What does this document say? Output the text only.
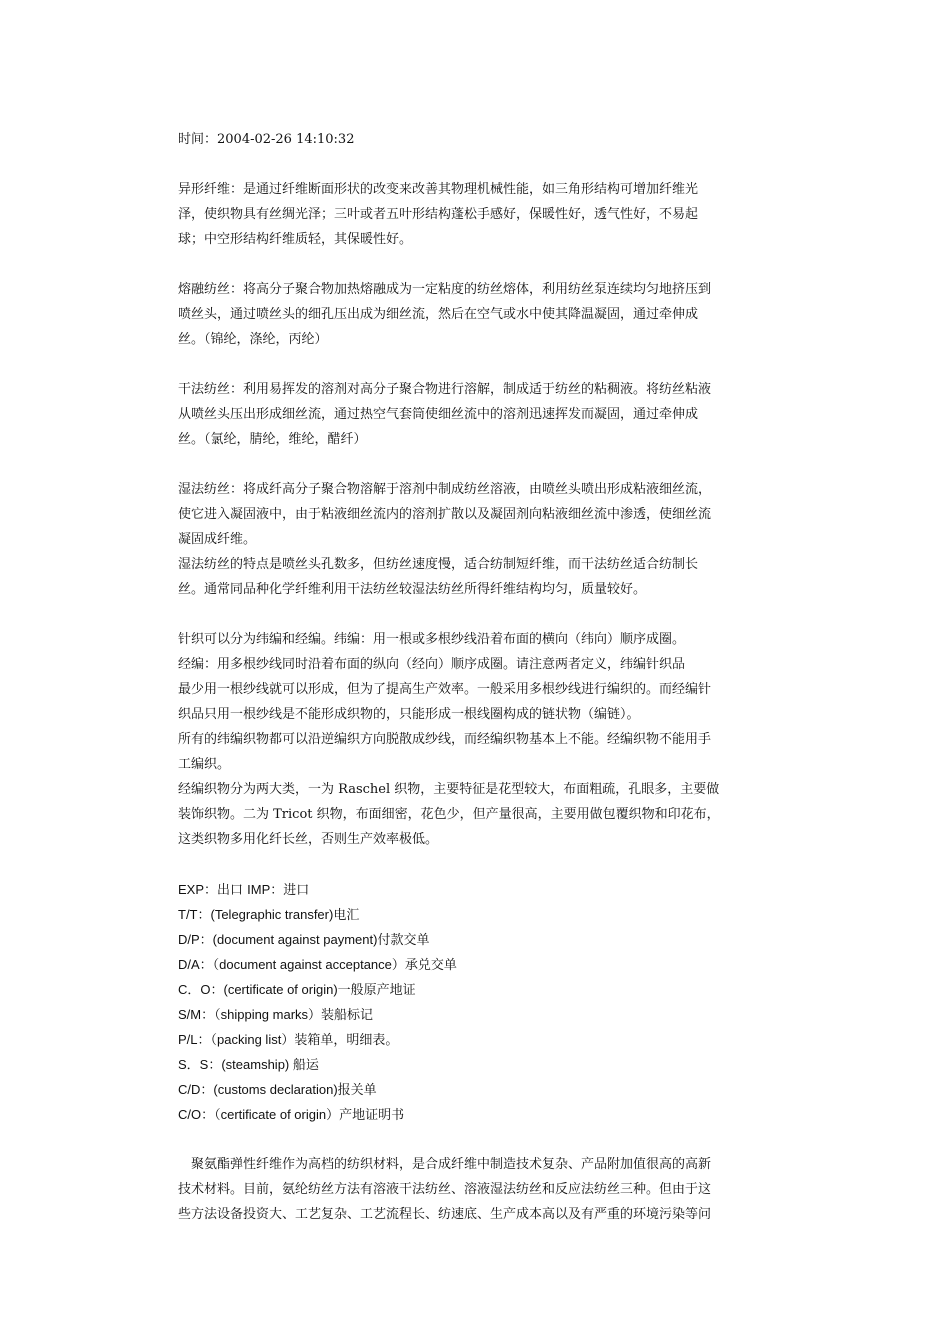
时间：2004-02-26 14:10:32
异形纤维：是通过纤维断面形状的改变来改善其物理机械性能，如三角形结构可增加纤维光
泽，使织物具有丝绸光泽；三叶或者五叶形结构蓬松手感好，保暖性好，透气性好，不易起
球；中空形结构纤维质轻，其保暖性好。
熔融纺丝：将高分子聚合物加热熔融成为一定粘度的纺丝熔体，利用纺丝泵连续均匀地挤压到
喷丝头，通过喷丝头的细孔压出成为细丝流，然后在空气或水中使其降温凝固，通过牵伸成
丝。（锦纶，涤纶，丙纶）
干法纺丝：利用易挥发的溶剂对高分子聚合物进行溶解，制成适于纺丝的粘稠液。将纺丝粘液
从喷丝头压出形成细丝流，通过热空气套筒使细丝流中的溶剂迅速挥发而凝固，通过牵伸成
丝。（氯纶，腈纶，维纶，醋纤）
湿法纺丝：将成纤高分子聚合物溶解于溶剂中制成纺丝溶液，由喷丝头喷出形成粘液细丝流，
使它进入凝固液中，由于粘液细丝流内的溶剂扩散以及凝固剂向粘液细丝流中渗透，使细丝流
凝固成纤维。
湿法纺丝的特点是喷丝头孔数多，但纺丝速度慢，适合纺制短纤维，而干法纺丝适合纺制长
丝。通常同品种化学纤维利用干法纺丝较湿法纺丝所得纤维结构均匀，质量较好。
针织可以分为纬编和经编。纬编：用一根或多根纱线沿着布面的横向（纬向）顺序成圈。
经编：用多根纱线同时沿着布面的纵向（经向）顺序成圈。请注意两者定义，纬编针织品
最少用一根纱线就可以形成，但为了提高生产效率。一般采用多根纱线进行编织的。而经编针
织品只用一根纱线是不能形成织物的，只能形成一根线圈构成的链状物（编链）。
所有的纬编织物都可以沿逆编织方向脱散成纱线，而经编织物基本上不能。经编织物不能用手
工编织。
经编织物分为两大类，一为 Raschel 织物，主要特征是花型较大，布面粗疏，孔眼多，主要做
装饰织物。二为 Tricot 织物，布面细密，花色少，但产量很高，主要用做包覆织物和印花布，
这类织物多用化纤长丝，否则生产效率极低。
EXP：出口 IMP：进口
T/T：(Telegraphic transfer)电汇
D/P：(document against payment)付款交单
D/A：（document against acceptance）承兑交单
C．O：(certificate of origin)一般原产地证
S/M：（shipping marks）装船标记
P/L：（packing list）装箱单，明细表。
S．S：(steamship) 船运
C/D：(customs declaration)报关单
C/O：（certificate of origin）产地证明书
聚氨酯弹性纤维作为高档的纺织材料，是合成纤维中制造技术复杂、产品附加值很高的高新
技术材料。目前，氨纶纺丝方法有溶液干法纺丝、溶液湿法纺丝和反应法纺丝三种。但由于这
些方法设备投资大、工艺复杂、工艺流程长、纺速底、生产成本高以及有严重的环境污染等问
